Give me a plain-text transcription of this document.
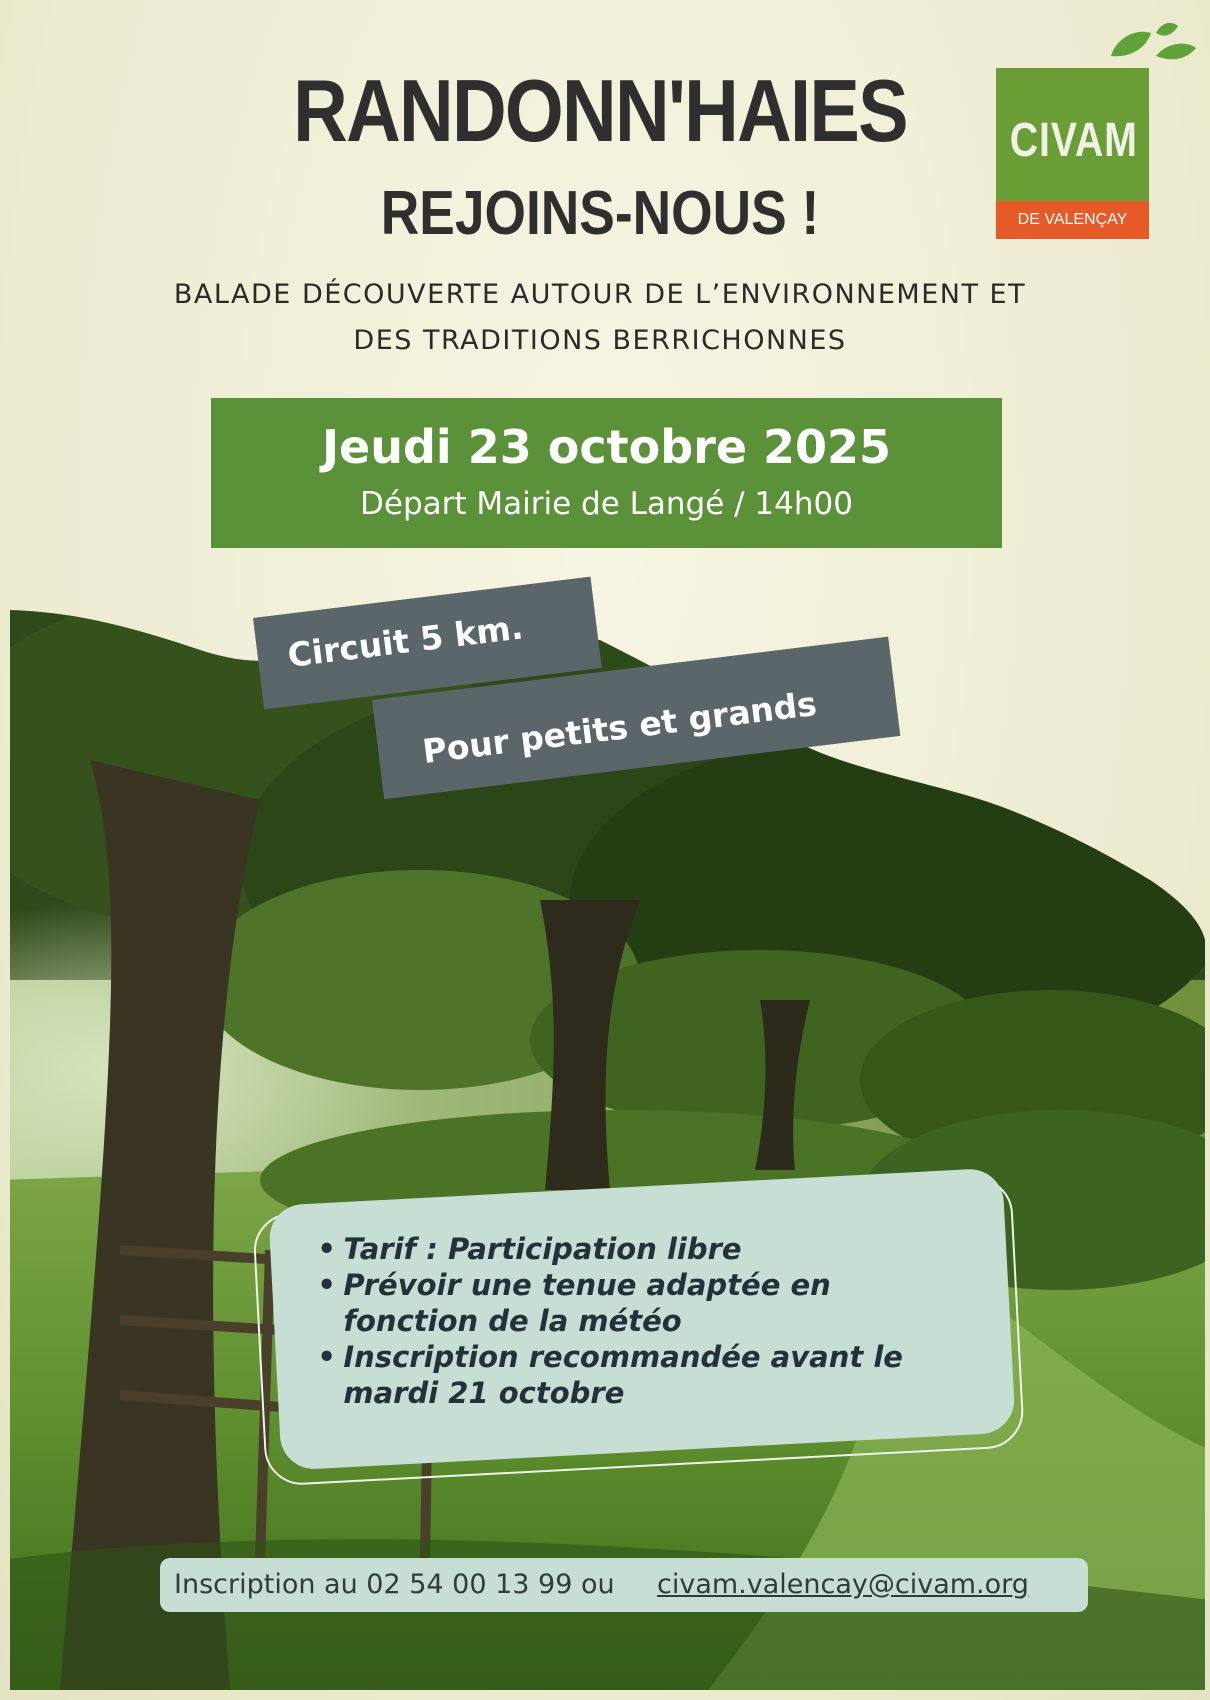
RANDONN'HAIES
REJOINS-NOUS !
CIVAM
DE VALENÇAY
BALADE DÉCOUVERTE AUTOUR DE L’ENVIRONNEMENT ET
DES TRADITIONS BERRICHONNES
Jeudi 23 octobre 2025
Départ Mairie de Langé / 14h00
Pour petits et grands
Circuit 5 km.
• Tarif : Participation libre
• Prévoir une tenue adaptée en fonction de la météo
• Inscription recommandée avant le mardi 21 octobre
Inscription au 02 54 00 13 99 ou civam.valencay@civam.org
